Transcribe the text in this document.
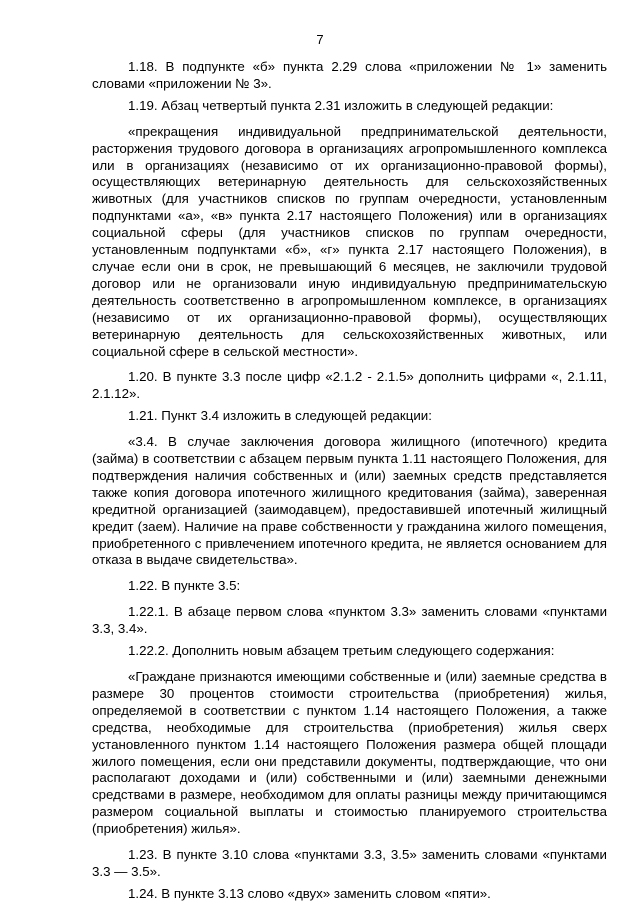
7

1.18. В подпункте «б» пункта 2.29 слова «приложении № 1» заменить словами «приложении № 3».

1.19. Абзац четвертый пункта 2.31 изложить в следующей редакции:

«прекращения индивидуальной предпринимательской деятельности, расторжения трудового договора в организациях агропромышленного комплекса или в организациях (независимо от их организационно-правовой формы), осуществляющих ветеринарную деятельность для сельскохозяйственных животных (для участников списков по группам очередности, установленным подпунктами «а», «в» пункта 2.17 настоящего Положения) или в организациях социальной сферы (для участников списков по группам очередности, установленным подпунктами «б», «г» пункта 2.17 настоящего Положения), в случае если они в срок, не превышающий 6 месяцев, не заключили трудовой договор или не организовали иную индивидуальную предпринимательскую деятельность соответственно в агропромышленном комплексе, в организациях (независимо от их организационно-правовой формы), осуществляющих ветеринарную деятельность для сельскохозяйственных животных, или социальной сфере в сельской местности».

1.20. В пункте 3.3 после цифр «2.1.2 - 2.1.5» дополнить цифрами «, 2.1.11, 2.1.12».

1.21. Пункт 3.4 изложить в следующей редакции:

«3.4. В случае заключения договора жилищного (ипотечного) кредита (займа) в соответствии с абзацем первым пункта 1.11 настоящего Положения, для подтверждения наличия собственных и (или) заемных средств представляется также копия договора ипотечного жилищного кредитования (займа), заверенная кредитной организацией (заимодавцем), предоставившей ипотечный жилищный кредит (заем). Наличие на праве собственности у гражданина жилого помещения, приобретенного с привлечением ипотечного кредита, не является основанием для отказа в выдаче свидетельства».

1.22. В пункте 3.5:

1.22.1. В абзаце первом слова «пунктом 3.3» заменить словами «пунктами 3.3, 3.4».

1.22.2. Дополнить новым абзацем третьим следующего содержания:

«Граждане признаются имеющими собственные и (или) заемные средства в размере 30 процентов стоимости строительства (приобретения) жилья, определяемой в соответствии с пунктом 1.14 настоящего Положения, а также средства, необходимые для строительства (приобретения) жилья сверх установленного пунктом 1.14 настоящего Положения размера общей площади жилого помещения, если они представили документы, подтверждающие, что они располагают доходами и (или) собственными и (или) заемными денежными средствами в размере, необходимом для оплаты разницы между причитающимся размером социальной выплаты и стоимостью планируемого строительства (приобретения) жилья».

1.23. В пункте 3.10 слова «пунктами 3.3, 3.5» заменить словами «пунктами 3.3 — 3.5».

1.24. В пункте 3.13 слово «двух» заменить словом «пяти».
